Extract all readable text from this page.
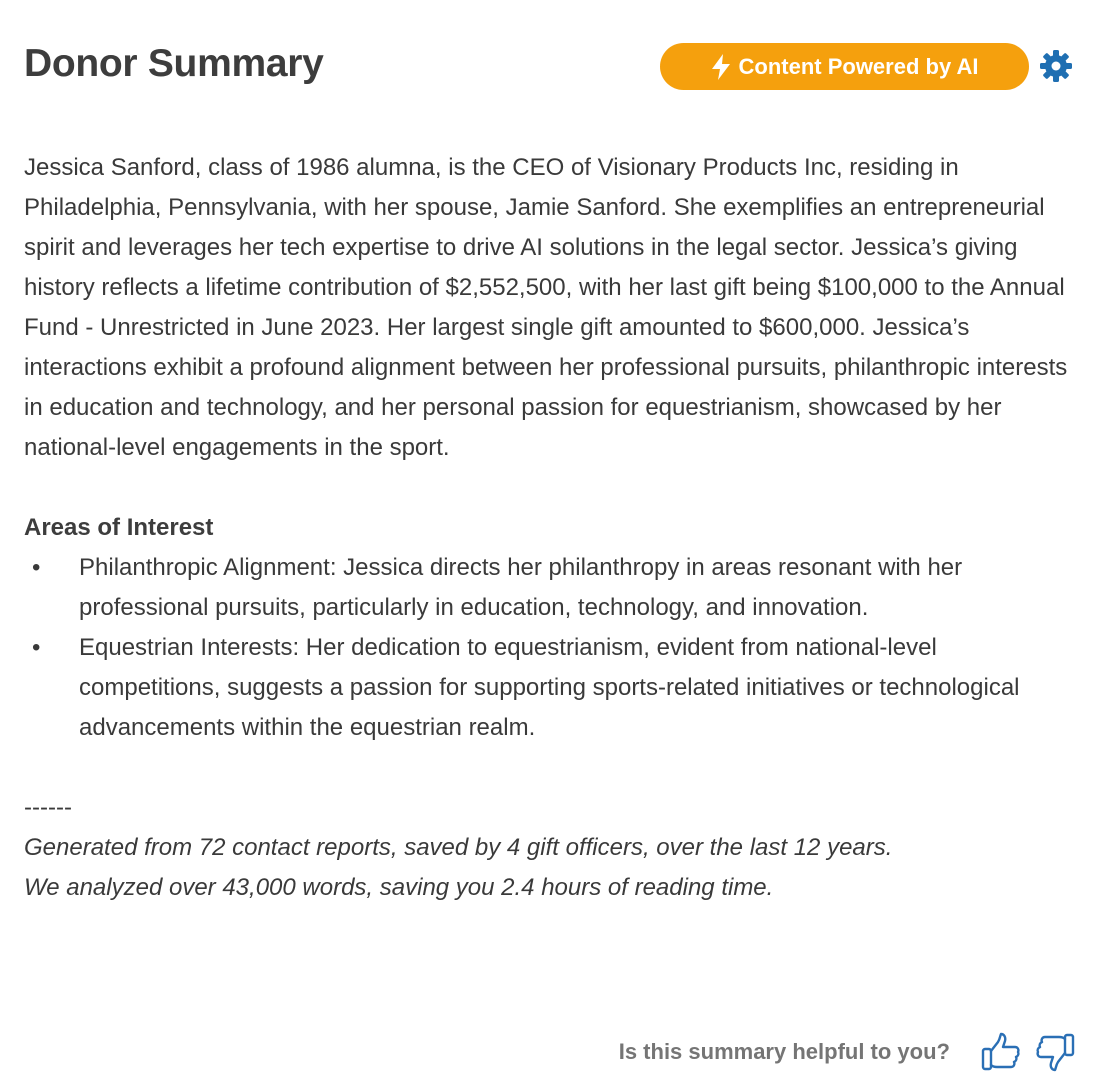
Donor Summary	Content Powered by AI

Jessica Sanford, class of 1986 alumna, is the CEO of Visionary Products Inc, residing in Philadelphia, Pennsylvania, with her spouse, Jamie Sanford. She exemplifies an entrepreneurial spirit and leverages her tech expertise to drive AI solutions in the legal sector. Jessica’s giving history reflects a lifetime contribution of $2,552,500, with her last gift being $100,000 to the Annual Fund - Unrestricted in June 2023. Her largest single gift amounted to $600,000. Jessica’s interactions exhibit a profound alignment between her professional pursuits, philanthropic interests in education and technology, and her personal passion for equestrianism, showcased by her national-level engagements in the sport.

Areas of Interest

• Philanthropic Alignment: Jessica directs her philanthropy in areas resonant with her professional pursuits, particularly in education, technology, and innovation.
• Equestrian Interests: Her dedication to equestrianism, evident from national-level competitions, suggests a passion for supporting sports-related initiatives or technological advancements within the equestrian realm.

------

Generated from 72 contact reports, saved by 4 gift officers, over the last 12 years.

We analyzed over 43,000 words, saving you 2.4 hours of reading time.

Is this summary helpful to you?
